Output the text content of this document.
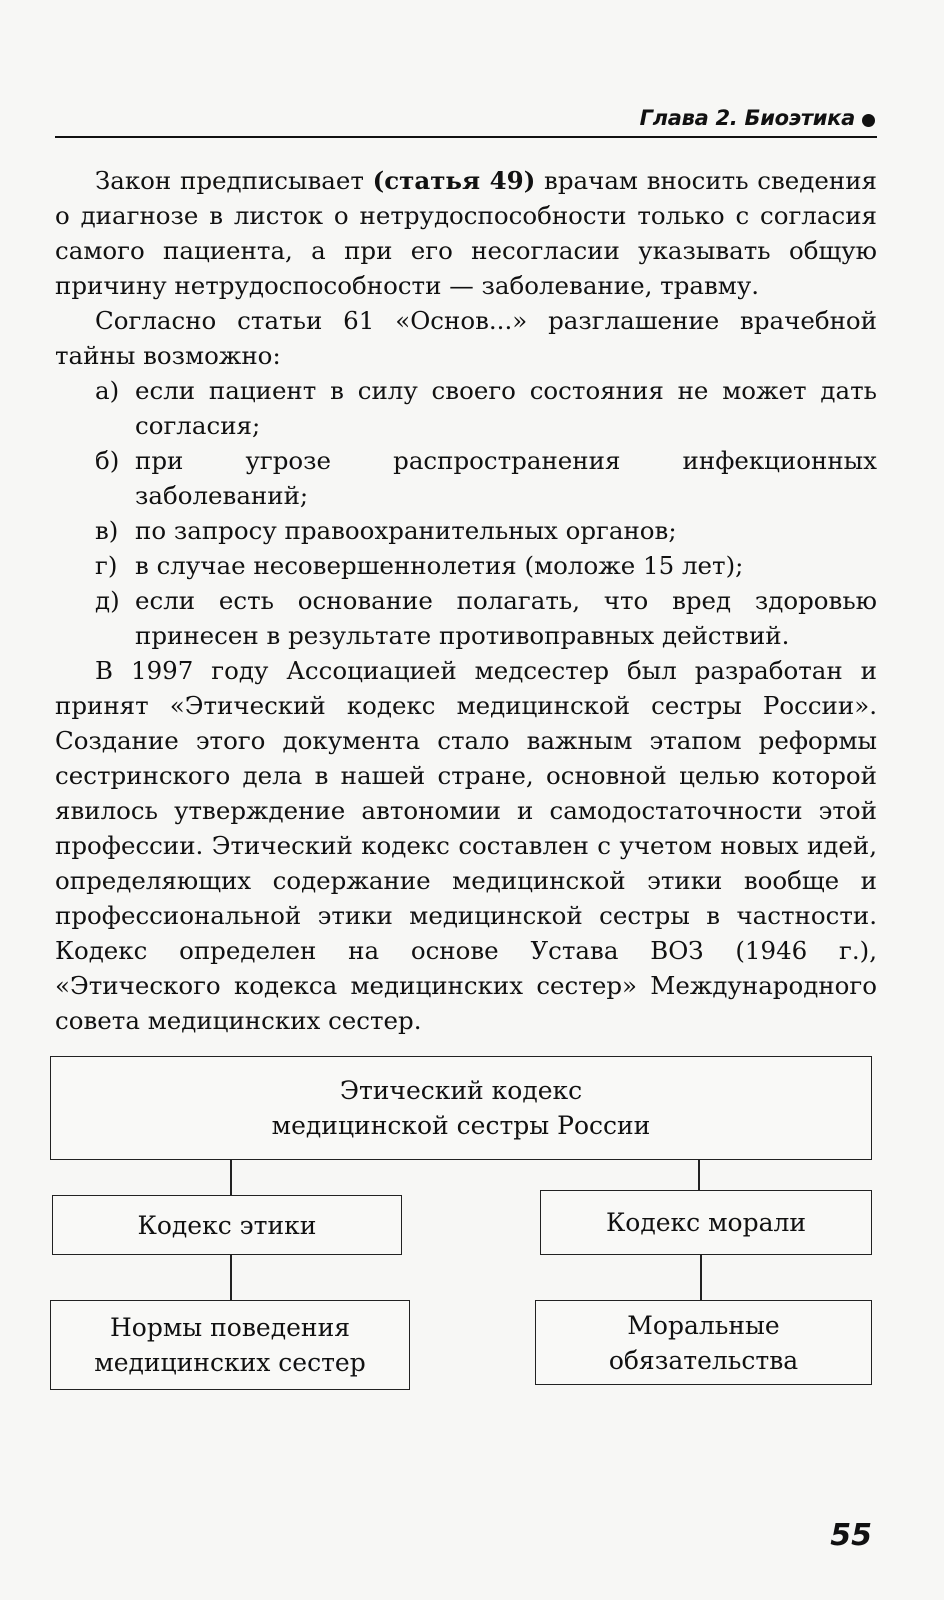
Глава 2. Биоэтика

Закон предписывает (статья 49) врачам вносить сведения о диагнозе в листок о нетрудоспособности только с согласия самого пациента, а при его несогласии указывать общую причину нетрудоспособности — заболевание, травму.

Согласно статьи 61 «Основ...» разглашение врачебной тайны возможно:

а) если пациент в силу своего состояния не может дать согласия;
б) при угрозе распространения инфекционных заболеваний;
в) по запросу правоохранительных органов;
г) в случае несовершеннолетия (моложе 15 лет);
д) если есть основание полагать, что вред здоровью принесен в результате противоправных действий.

В 1997 году Ассоциацией медсестер был разработан и принят «Этический кодекс медицинской сестры России». Создание этого документа стало важным этапом реформы сестринского дела в нашей стране, основной целью которой явилось утверждение автономии и самодостаточности этой профессии. Этический кодекс составлен с учетом новых идей, определяющих содержание медицинской этики вообще и профессиональной этики медицинской сестры в частности. Кодекс определен на основе Устава ВОЗ (1946 г.), «Этического кодекса медицинских сестер» Международного совета медицинских сестер.

Этический кодекс
медицинской сестры России
Кодекс этики	Кодекс морали
Нормы поведения
медицинских сестер
Моральные
обязательства
55
